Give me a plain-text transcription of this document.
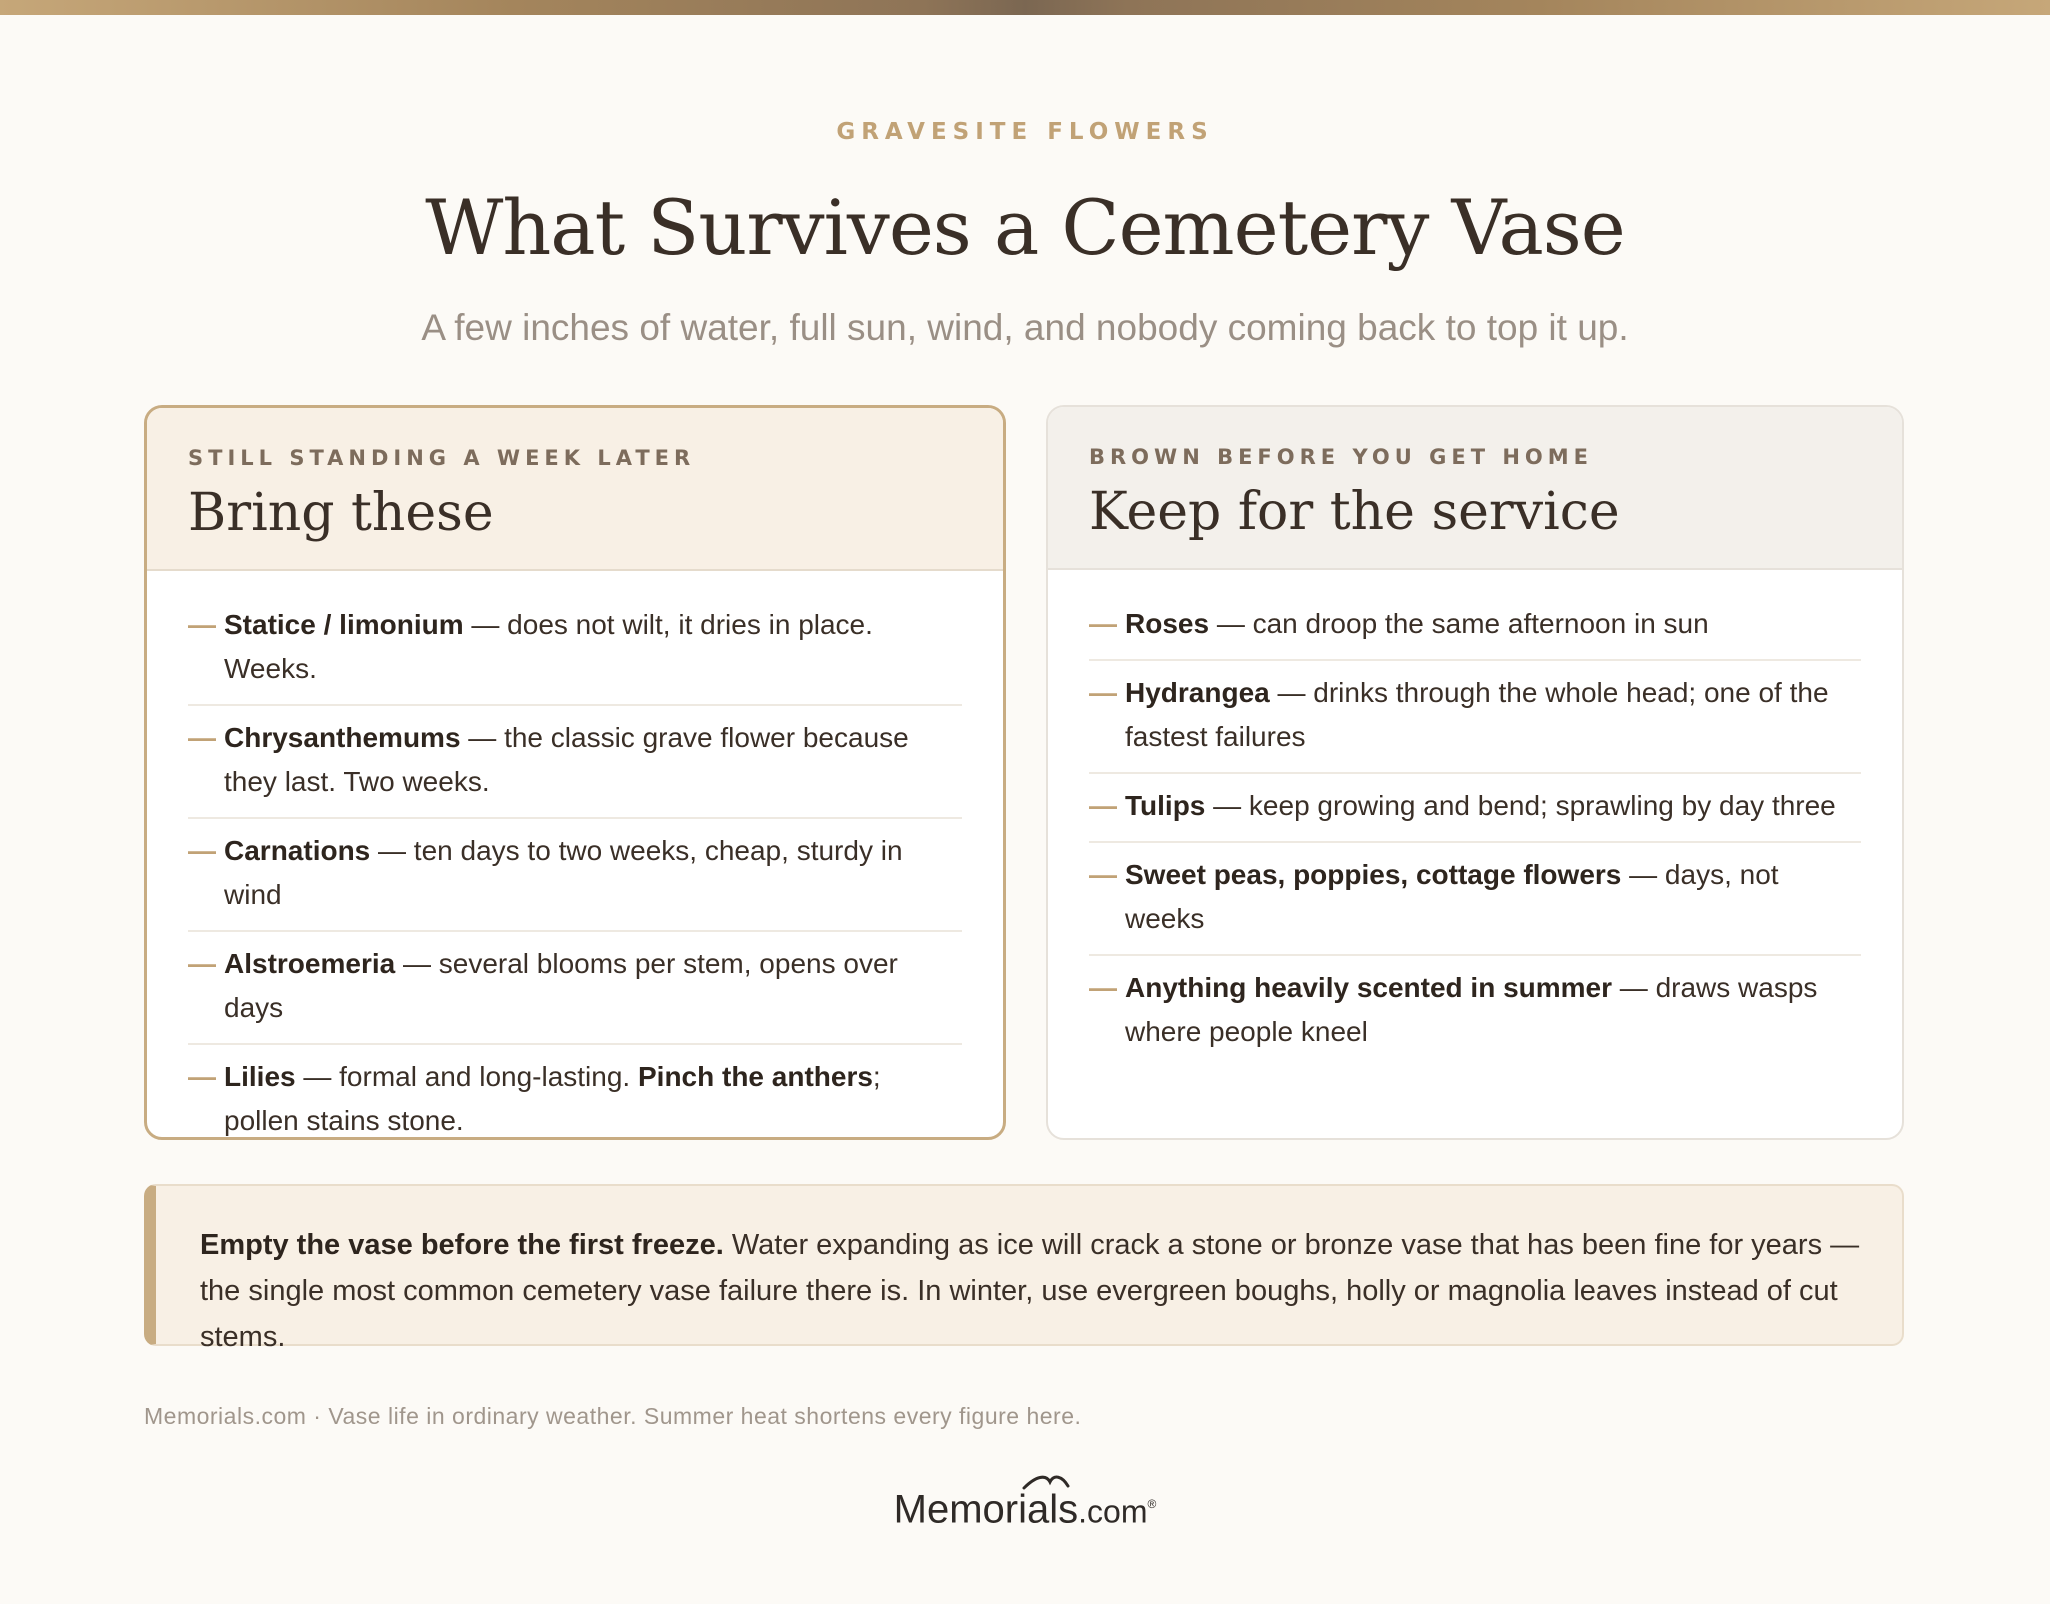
GRAVESITE FLOWERS
What Survives a Cemetery Vase
A few inches of water, full sun, wind, and nobody coming back to top it up.
STILL STANDING A WEEK LATER
Bring these
— Statice / limonium — does not wilt, it dries in place. Weeks.
— Chrysanthemums — the classic grave flower because they last. Two weeks.
— Carnations — ten days to two weeks, cheap, sturdy in wind
— Alstroemeria — several blooms per stem, opens over days
— Lilies — formal and long-lasting. Pinch the anthers; pollen stains stone.
BROWN BEFORE YOU GET HOME
Keep for the service
— Roses — can droop the same afternoon in sun
— Hydrangea — drinks through the whole head; one of the fastest failures
— Tulips — keep growing and bend; sprawling by day three
— Sweet peas, poppies, cottage flowers — days, not weeks
— Anything heavily scented in summer — draws wasps where people kneel
Empty the vase before the first freeze. Water expanding as ice will crack a stone or bronze vase that has been fine for years — the single most common cemetery vase failure there is. In winter, use evergreen boughs, holly or magnolia leaves instead of cut stems.
Memorials.com · Vase life in ordinary weather. Summer heat shortens every figure here.
Memorials.com®
